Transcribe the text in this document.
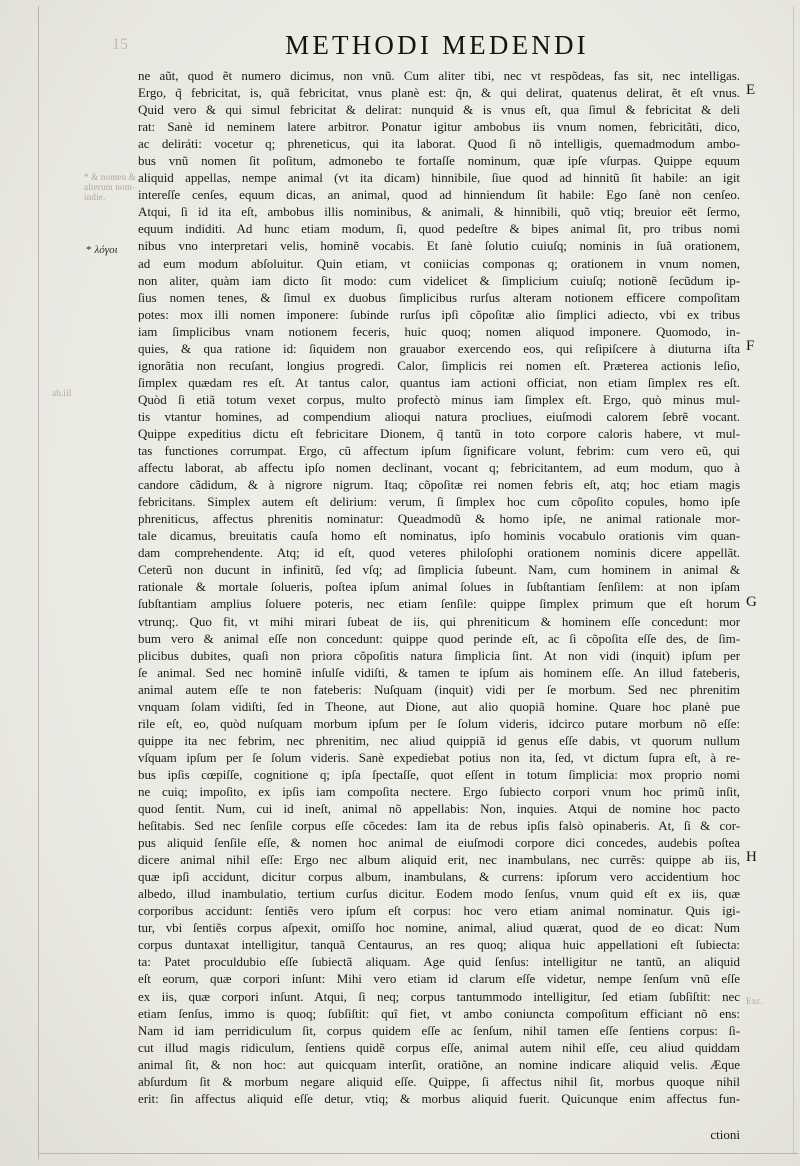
* & nomen &
alterum nom-
indie.
ab.iil
Exc.
15	METHODI MEDENDI
* λόγοι
E
F
G
H
ne aũt, quod ẽt numero dicimus, non vnũ. Cum aliter tibi, nec vt respõdeas, fas sit, nec intelligas.
Ergo, q̃ febricitat, is, quã febricitat, vnus planè est: q̃n, & qui delirat, quatenus delirat, ẽt eſt vnus.
Quid vero & qui simul febricitat & delirat: nunquid & is vnus eſt, qua ſimul & febricitat & deli
rat: Sanè id neminem latere arbitror. Ponatur igitur ambobus iis vnum nomen, febricitãti, dico,
ac deliráti: vocetur q; phreneticus, qui ita laborat. Quod ſi nõ intelligis, quemadmodum ambo-
bus vnũ nomen ſit poſitum, admonebo te fortaſſe nominum, quæ ipſe vſurpas. Quippe equum
aliquid appellas, nempe animal (vt ita dicam) hinnibile, ſiue quod ad hinnitũ ſit habile: an igit
intereſſe cenſes, equum dicas, an animal, quod ad hinniendum ſit habile: Ego ſanè non cenſeo.
Atqui, ſi id ita eſt, ambobus illis nominibus, & animali, & hinnibili, quõ vtiq; breuior eẽt ſermo,
equum indiditi. Ad hunc etiam modum, ſi, quod pedeſtre & bipes animal ſit, pro tribus nomi
nibus vno interpretari velis, hominẽ vocabis. Et ſanè ſolutio cuiuſq; nominis in ſuã orationem,
ad eum modum abſoluitur. Quin etiam, vt coniicias componas q; orationem in vnum nomen,
non aliter, quàm iam dicto ſit modo: cum videlicet & ſimplicium cuiuſq; notionẽ ſecũdum ip-
ſius nomen tenes, & ſimul ex duobus ſimplicibus rurſus alteram notionem efficere compoſitam
potes: mox illi nomen imponere: ſubinde rurſus ipſi cõpoſitæ alio ſimplici adiecto, vbi ex tribus
iam ſimplicibus vnam notionem feceris, huic quoq; nomen aliquod imponere. Quomodo, in-
quies, & qua ratione id: ſiquidem non grauabor exercendo eos, qui reſipiſcere à diuturna iſta
ignorãtia non recuſant, longius progredi. Calor, ſimplicis rei nomen eſt. Præterea actionis leſio,
ſimplex quædam res eſt. At tantus calor, quantus iam actioni officiat, non etiam ſimplex res eſt.
Quòd ſi etiã totum vexet corpus, multo profectò minus iam ſimplex eſt. Ergo, quò minus mul-
tis vtantur homines, ad compendium alioqui natura procliues, eiuſmodi calorem ſebrẽ vocant.
Quippe expeditius dictu eſt febricitare Dionem, q̃ tantũ in toto corpore caloris habere, vt mul-
tas functiones corrumpat. Ergo, cũ affectum ipſum ſignificare volunt, febrim: cum vero eũ, qui
affectu laborat, ab affectu ipſo nomen declinant, vocant q; febricitantem, ad eum modum, quo à
candore cãdidum, & à nigrore nigrum. Itaq; cõpoſitæ rei nomen febris eſt, atq; hoc etiam magis
febricitans. Simplex autem eſt delirium: verum, ſi ſimplex hoc cum cõpoſito copules, homo ipſe
phreniticus, affectus phrenitis nominatur: Queadmodũ & homo ipſe, ne animal rationale mor-
tale dicamus, breuitatis cauſa homo eſt nominatus, ipſo hominis vocabulo orationis vim quan-
dam comprehendente. Atq; id eſt, quod veteres philoſophi orationem nominis dicere appellãt.
Ceterũ non ducunt in infinitũ, ſed vſq; ad ſimplicia ſubeunt. Nam, cum hominem in animal &
rationale & mortale ſolueris, poſtea ipſum animal ſolues in ſubſtantiam ſenſilem: at non ipſam
ſubſtantiam amplius ſoluere poteris, nec etiam ſenſile: quippe ſimplex primum que eſt horum
vtrunq;. Quo fit, vt mihi mirari ſubeat de iis, qui phreniticum & hominem eſſe concedunt: mor
bum vero & animal eſſe non concedunt: quippe quod perinde eſt, ac ſi cõpoſita eſſe des, de ſim-
plicibus dubites, quaſi non priora cõpoſitis natura ſimplicia ſint. At non vidi (inquit) ipſum per
ſe animal. Sed nec hominẽ inſulſe vidiſti, & tamen te ipſum ais hominem eſſe. An illud fateberis,
animal autem eſſe te non fateberis: Nuſquam (inquit) vidi per ſe morbum. Sed nec phrenitim
vnquam ſolam vidiſti, ſed in Theone, aut Dione, aut alio quopiã homine. Quare hoc planè pue
rile eſt, eo, quòd nuſquam morbum ipſum per ſe ſolum videris, idcirco putare morbum nõ eſſe:
quippe ita nec febrim, nec phrenitim, nec aliud quippiã id genus eſſe dabis, vt quorum nullum
vſquam ipſum per ſe ſolum videris. Sanè expediebat potius non ita, ſed, vt dictum ſupra eſt, à re-
bus ipſis cœpiſſe, cognitione q; ipſa ſpectaſſe, quot eſſent in totum ſimplicia: mox proprio nomi
ne cuiq; impoſito, ex ipſis iam compoſita nectere. Ergo ſubiecto corpori vnum hoc primũ inſit,
quod ſentit. Num, cui id ineſt, animal nõ appellabis: Non, inquies. Atqui de nomine hoc pacto
heſitabis. Sed nec ſenſile corpus eſſe cõcedes: Iam ita de rebus ipſis falsò opinaberis. At, ſi & cor-
pus aliquid ſenſile eſſe, & nomen hoc animal de eiuſmodi corpore dici concedes, audebis poſtea
dicere animal nihil eſſe: Ergo nec album aliquid erit, nec inambulans, nec currẽs: quippe ab iis,
quæ ipſi accidunt, dicitur corpus album, inambulans, & currens: ipſorum vero accidentium hoc
albedo, illud inambulatio, tertium curſus dicitur. Eodem modo ſenſus, vnum quid eſt ex iis, quæ
corporibus accidunt: ſentiẽs vero ipſum eſt corpus: hoc vero etiam animal nominatur. Quis igi-
tur, vbi ſentiẽs corpus aſpexit, omiſſo hoc nomine, animal, aliud quærat, quod de eo dicat: Num
corpus duntaxat intelligitur, tanquã Centaurus, an res quoq; aliqua huic appellationi eſt ſubiecta:
ta: Patet proculdubio eſſe ſubiectã aliquam. Age quid ſenſus: intelligitur ne tantũ, an aliquid
eſt eorum, quæ corpori inſunt: Mihi vero etiam id clarum eſſe videtur, nempe ſenſum vnũ eſſe
ex iis, quæ corpori inſunt. Atqui, ſi neq; corpus tantummodo intelligitur, ſed etiam ſubſiſtit: nec
etiam ſenſus, immo is quoq; ſubſiſtit: quî fiet, vt ambo coniuncta compoſitum efficiant nõ ens:
Nam id iam perridiculum ſit, corpus quidem eſſe ac ſenſum, nihil tamen eſſe ſentiens corpus: ſi-
cut illud magis ridiculum, ſentiens quidẽ corpus eſſe, animal autem nihil eſſe, ceu aliud quiddam
animal ſit, & non hoc: aut quicquam interſit, oratiõne, an nomine indicare aliquid velis. Æque
abſurdum ſit & morbum negare aliquid eſſe. Quippe, ſi affectus nihil ſit, morbus quoque nihil
erit: ſin affectus aliquid eſſe detur, vtiq; & morbus aliquid fuerit. Quicunque enim affectus fun-
ctioni
